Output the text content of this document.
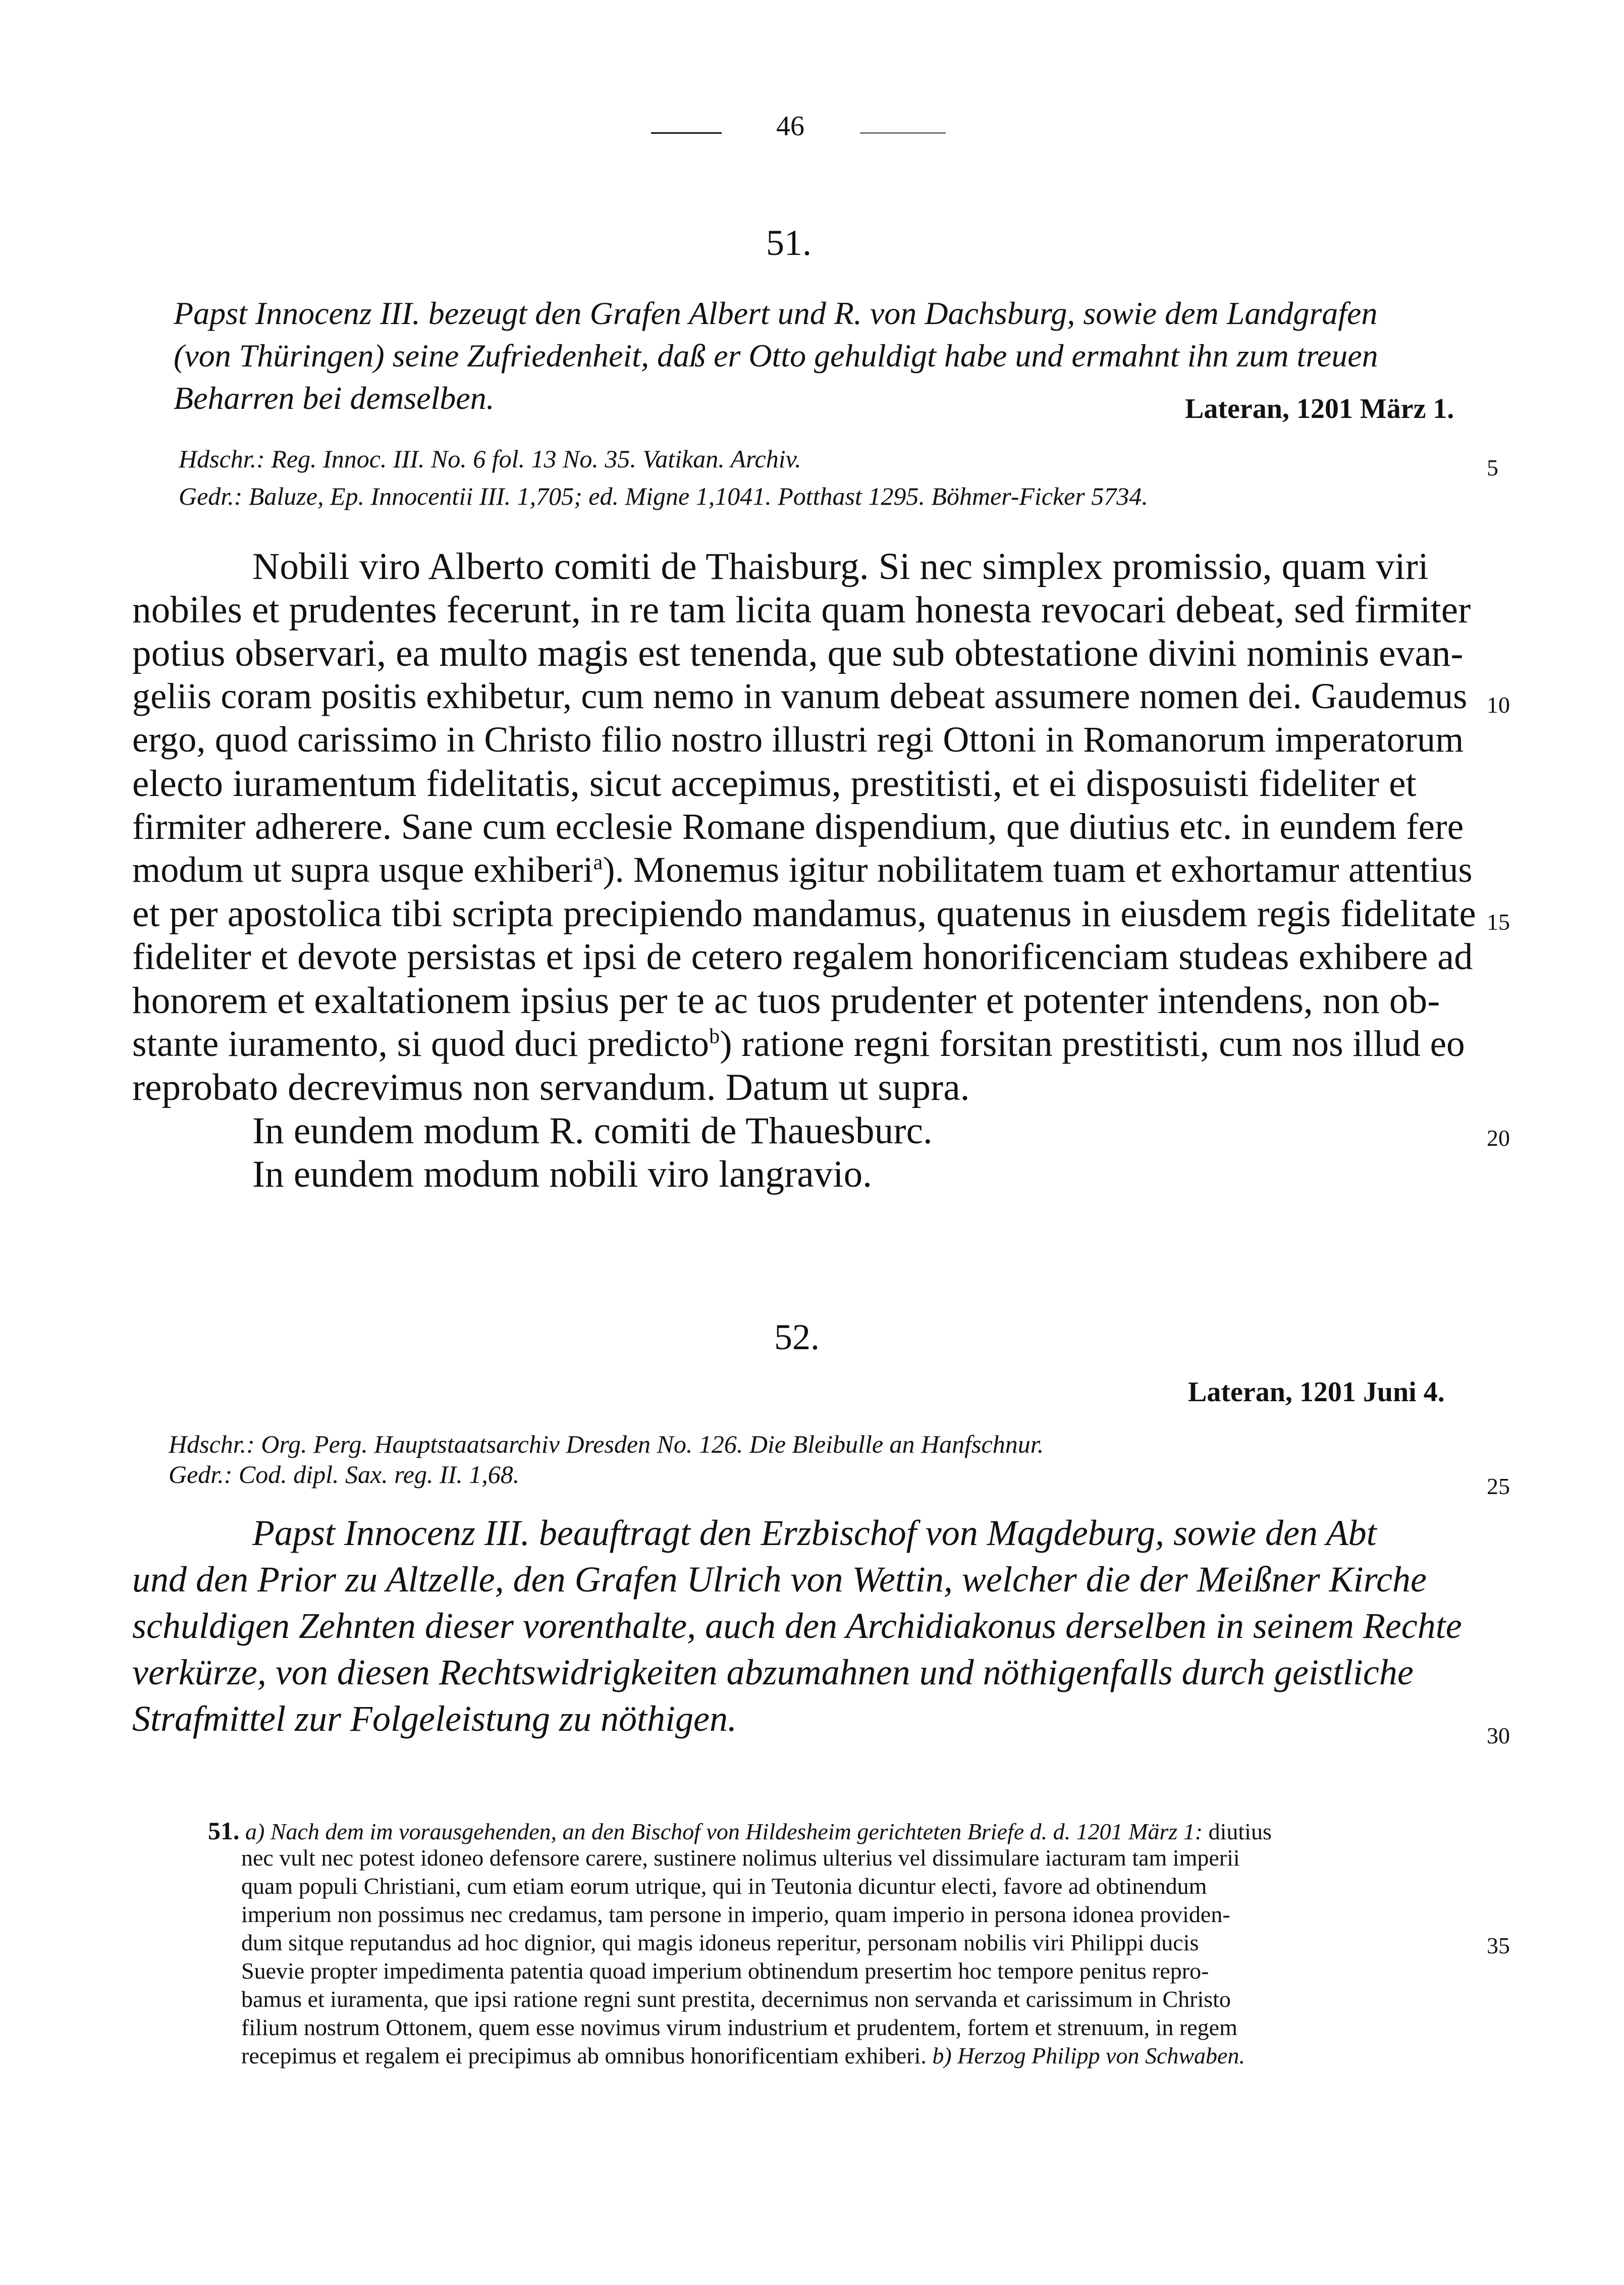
46
51.
Papst Innocenz III. bezeugt den Grafen Albert und R. von Dachsburg, sowie dem Landgrafen
(von Thüringen) seine Zufriedenheit, daß er Otto gehuldigt habe und ermahnt ihn zum treuen
Beharren bei demselben.	Lateran, 1201 März 1.
Hdschr.: Reg. Innoc. III. No. 6 fol. 13 No. 35. Vatikan. Archiv.	5
Gedr.: Baluze, Ep. Innocentii III. 1,705; ed. Migne 1,1041. Potthast 1295. Böhmer-Ficker 5734.
Nobili viro Alberto comiti de Thaisburg. Si nec simplex promissio, quam viri
nobiles et prudentes fecerunt, in re tam licita quam honesta revocari debeat, sed firmiter
potius observari, ea multo magis est tenenda, que sub obtestatione divini nominis evan-
geliis coram positis exhibetur, cum nemo in vanum debeat assumere nomen dei. Gaudemus 10
ergo, quod carissimo in Christo filio nostro illustri regi Ottoni in Romanorum imperatorum
electo iuramentum fidelitatis, sicut accepimus, prestitisti, et ei disposuisti fideliter et
firmiter adherere. Sane cum ecclesie Romane dispendium, que diutius etc. in eundem fere
modum ut supra usque exhiberi$^a$). Monemus igitur nobilitatem tuam et exhortamur attentius
et per apostolica tibi scripta precipiendo mandamus, quatenus in eiusdem regis fidelitate 15
fideliter et devote persistas et ipsi de cetero regalem honorificenciam studeas exhibere ad
honorem et exaltationem ipsius per te ac tuos prudenter et potenter intendens, non ob-
stante iuramento, si quod duci predicto$^b$) ratione regni forsitan prestitisti, cum nos illud eo
reprobato decrevimus non servandum. Datum ut supra.
In eundem modum R. comiti de Thauesburc.	20
In eundem modum nobili viro langravio.
52.
Lateran, 1201 Juni 4.
Hdschr.: Org. Perg. Hauptstaatsarchiv Dresden No. 126. Die Bleibulle an Hanfschnur.
Gedr.: Cod. dipl. Sax. reg. II. 1,68.	25
Papst Innocenz III. beauftragt den Erzbischof von Magdeburg, sowie den Abt
und den Prior zu Altzelle, den Grafen Ulrich von Wettin, welcher die der Meißner Kirche
schuldigen Zehnten dieser vorenthalte, auch den Archidiakonus derselben in seinem Rechte
verkürze, von diesen Rechtswidrigkeiten abzumahnen und nöthigenfalls durch geistliche
Strafmittel zur Folgeleistung zu nöthigen.	30
51. a) Nach dem im vorausgehenden, an den Bischof von Hildesheim gerichteten Briefe d. d. 1201 März 1: diutius
nec vult nec potest idoneo defensore carere, sustinere nolimus ulterius vel dissimulare iacturam tam imperii
quam populi Christiani, cum etiam eorum utrique, qui in Teutonia dicuntur electi, favore ad obtinendum
imperium non possimus nec credamus, tam persone in imperio, quam imperio in persona idonea providen-
dum sitque reputandus ad hoc dignior, qui magis idoneus reperitur, personam nobilis viri Philippi ducis	35
Suevie propter impedimenta patentia quoad imperium obtinendum presertim hoc tempore penitus repro-
bamus et iuramenta, que ipsi ratione regni sunt prestita, decernimus non servanda et carissimum in Christo
filium nostrum Ottonem, quem esse novimus virum industrium et prudentem, fortem et strenuum, in regem
recepimus et regalem ei precipimus ab omnibus honorificentiam exhiberi. b) Herzog Philipp von Schwaben.
